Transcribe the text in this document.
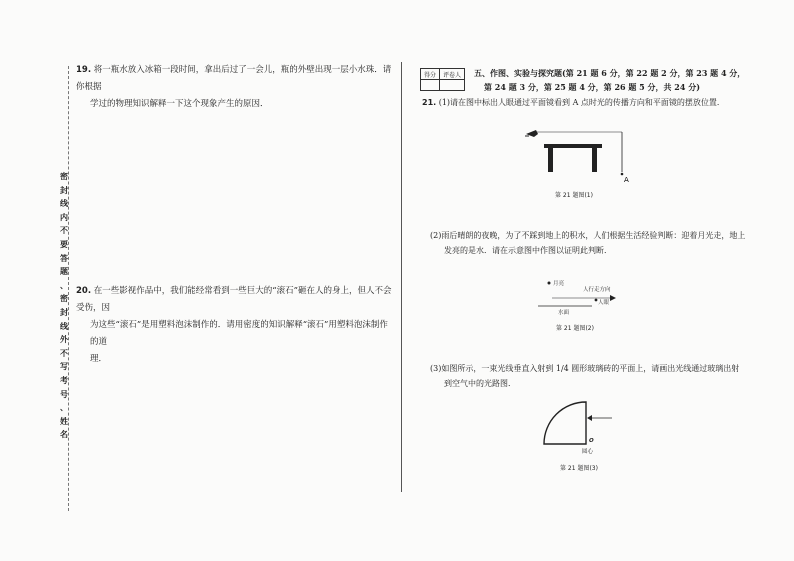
密
封
线
内
不
要
答
题
、
密
封
线
外
不
写
考
号
、
姓
名
19. 将一瓶水放入冰箱一段时间，拿出后过了一会儿，瓶的外壁出现一层小水珠．请你根据
学过的物理知识解释一下这个现象产生的原因．
20. 在一些影视作品中，我们能经常看到一些巨大的“滚石”砸在人的身上，但人不会受伤，因
为这些“滚石”是用塑料泡沫制作的．请用密度的知识解释“滚石”用塑料泡沫制作的道
理．
得分	评卷人
	五、作图、实验与探究题(第 21 题 6 分，第 22 题 2 分，第 23 题 4 分，
第 24 题 3 分，第 25 题 4 分，第 26 题 5 分，共 24 分)
21. (1)请在图中标出人眼通过平面镜看到 A 点时光的传播方向和平面镜的摆放位置．
A
第 21 题图(1)
(2)雨后晴朗的夜晚，为了不踩到地上的积水，人们根据生活经验判断：迎着月光走，地上
发亮的是水．请在示意图中作图以证明此判断．
月亮
人行走方向
人眼
水面
第 21 题图(2)
(3)如图所示，一束光线垂直入射到 1/4 圆形玻璃砖的平面上，请画出光线通过玻璃出射
到空气中的光路图．
O
圆心
第 21 题图(3)
